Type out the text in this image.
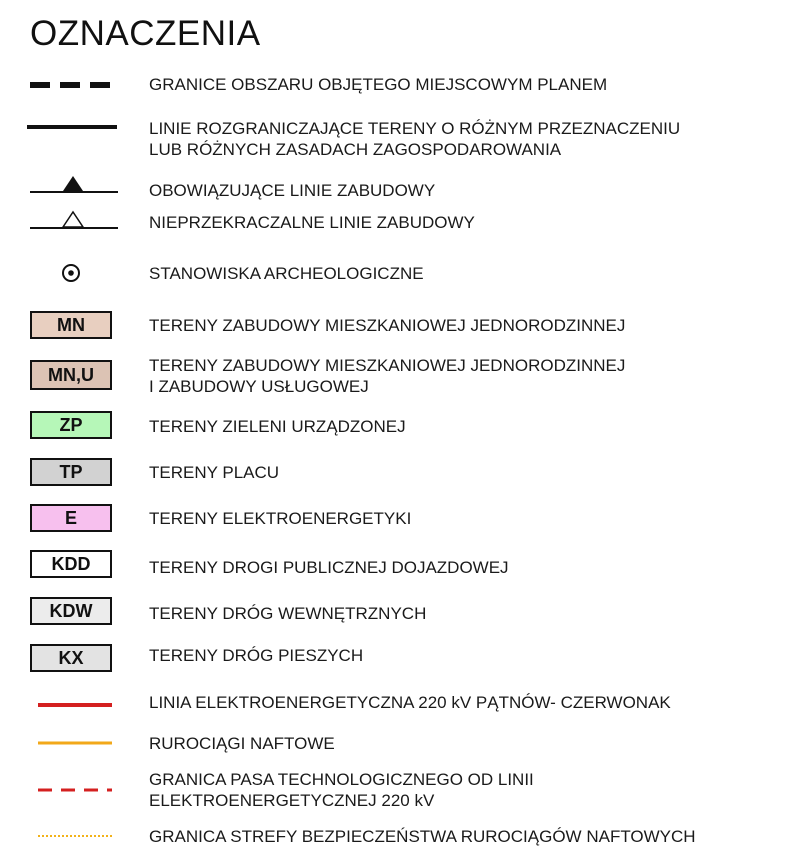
OZNACZENIA
GRANICE OBSZARU OBJĘTEGO MIEJSCOWYM PLANEM
LINIE ROZGRANICZAJĄCE TERENY O RÓŻNYM PRZEZNACZENIU
LUB RÓŻNYCH ZASADACH ZAGOSPODAROWANIA
OBOWIĄZUJĄCE LINIE ZABUDOWY
NIEPRZEKRACZALNE LINIE ZABUDOWY
STANOWISKA ARCHEOLOGICZNE
MN	TERENY ZABUDOWY MIESZKANIOWEJ JEDNORODZINNEJ
MN,U	TERENY ZABUDOWY MIESZKANIOWEJ JEDNORODZINNEJ
I ZABUDOWY USŁUGOWEJ
ZP	TERENY ZIELENI URZĄDZONEJ
TP	TERENY PLACU
E	TERENY ELEKTROENERGETYKI
KDD	TERENY DROGI PUBLICZNEJ DOJAZDOWEJ
KDW	TERENY DRÓG WEWNĘTRZNYCH
KX	TERENY DRÓG PIESZYCH
LINIA ELEKTROENERGETYCZNA 220 kV PĄTNÓW- CZERWONAK
RUROCIĄGI NAFTOWE
GRANICA PASA TECHNOLOGICZNEGO OD LINII
ELEKTROENERGETYCZNEJ 220 kV
GRANICA STREFY BEZPIECZEŃSTWA RUROCIĄGÓW NAFTOWYCH
